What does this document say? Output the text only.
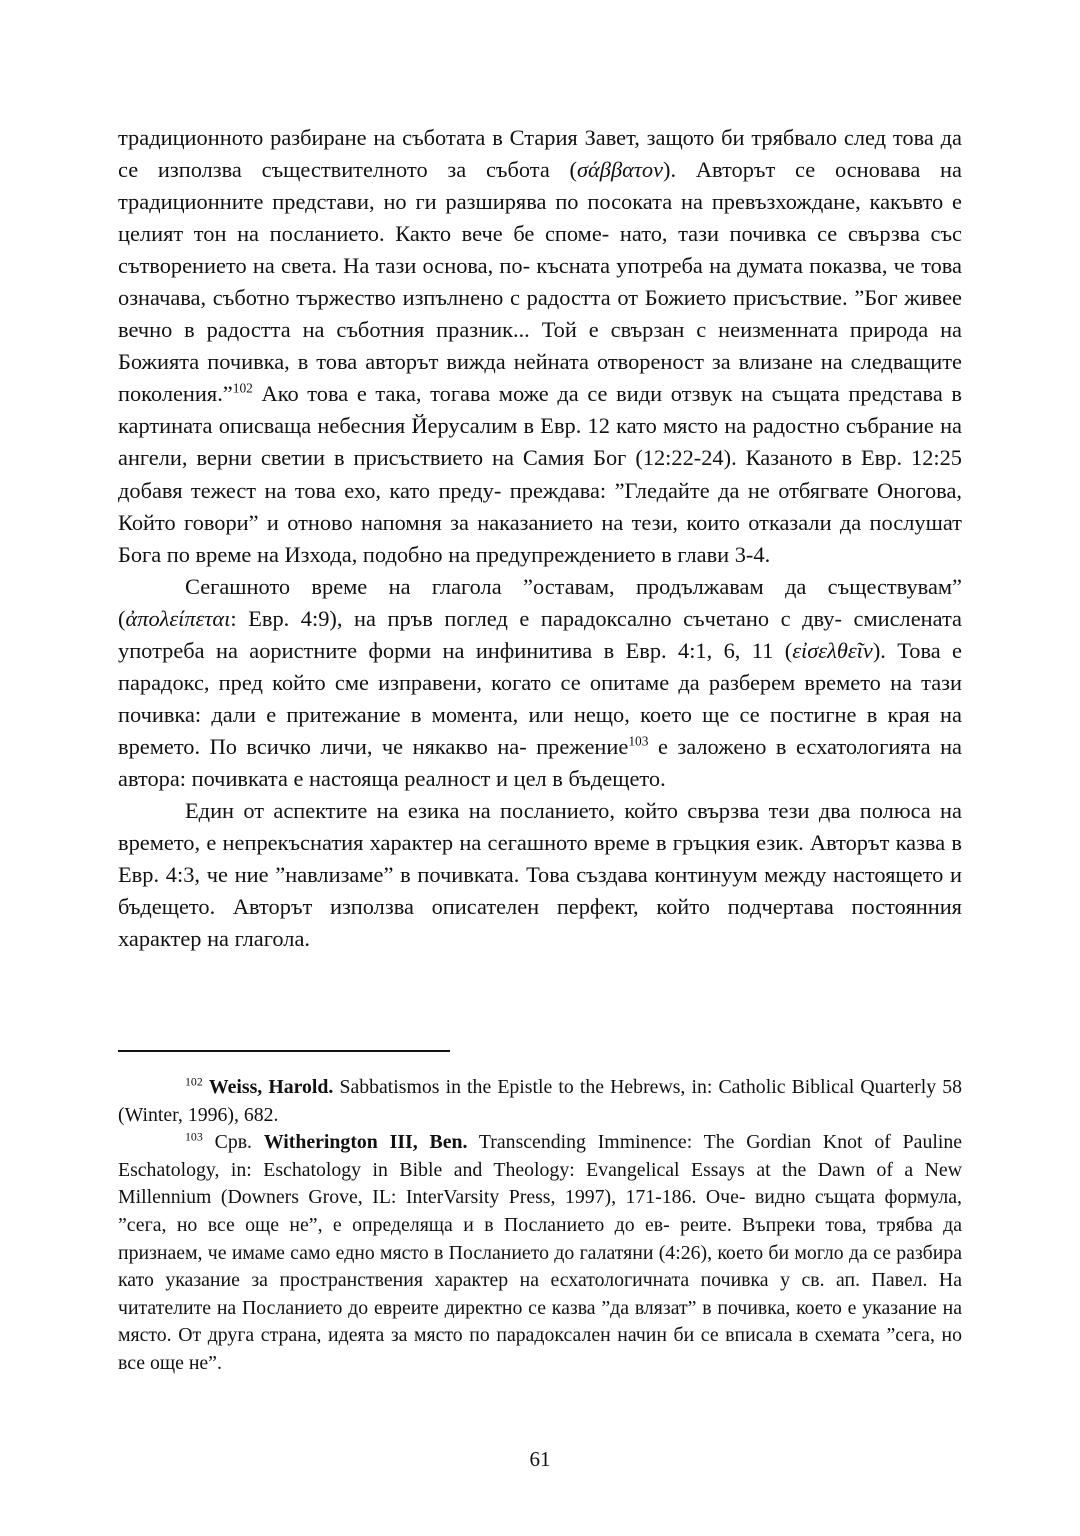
традиционното разбиране на съботата в Стария Завет, защото би трябвало след това да се използва съществителното за събота (σάββατον). Авторът се основава на традиционните представи, но ги разширява по посоката на превъзхождане, какъвто е целият тон на посланието. Както вече бе споме- нато, тази почивка се свързва със сътворението на света. На тази основа, по- късната употреба на думата показва, че това означава, съботно тържество изпълнено с радостта от Божието присъствие. ”Бог живее вечно в радостта на съботния празник... Той е свързан с неизменната природа на Божията почивка, в това авторът вижда нейната отвореност за влизане на следващите поколения.”$^{102}$ Ако това е така, тогава може да се види отзвук на същата представа в картината описваща небесния Йерусалим в Евр. 12 като място на радостно събрание на ангели, верни светии в присъствието на Самия Бог (12:22-24). Казаното в Евр. 12:25 добавя тежест на това ехо, като преду- преждава: ”Гледайте да не отбягвате Оногова, Който говори” и отново напомня за наказанието на тези, които отказали да послушат Бога по време на Изхода, подобно на предупреждението в глави 3-4.

Сегашното време на глагола ”оставам, продължавам да съществувам” (ἀπολείπεται: Евр. 4:9), на пръв поглед е парадоксално съчетано с дву- смислената употреба на аористните форми на инфинитива в Евр. 4:1, 6, 11 (εἰσελθεῖν). Това е парадокс, пред който сме изправени, когато се опитаме да разберем времето на тази почивка: дали е притежание в момента, или нещо, което ще се постигне в края на времето. По всичко личи, че някакво на- прежение$^{103}$ е заложено в есхатологията на автора: почивката е настояща реалност и цел в бъдещето.

Един от аспектите на езика на посланието, който свързва тези два полюса на времето, е непрекъснатия характер на сегашното време в гръцкия език. Авторът казва в Евр. 4:3, че ние ”навлизаме” в почивката. Това създава континуум между настоящето и бъдещето. Авторът използва описателен перфект, който подчертава постоянния характер на глагола.

$^{102}$ Weiss, Harold. Sabbatismos in the Epistle to the Hebrews, in: Catholic Biblical Quarterly 58 (Winter, 1996), 682.

$^{103}$ Срв. Witherington III, Ben. Transcending Imminence: The Gordian Knot of Pauline Eschatology, in: Eschatology in Bible and Theology: Evangelical Essays at the Dawn of a New Millennium (Downers Grove, IL: InterVarsity Press, 1997), 171-186. Оче- видно същата формула, ”сега, но все още не”, е определяща и в Посланието до ев- реите. Въпреки това, трябва да признаем, че имаме само едно място в Посланието до галатяни (4:26), което би могло да се разбира като указание за пространствения характер на есхатологичната почивка у св. ап. Павел. На читателите на Посланието до евреите директно се казва ”да влязат” в почивка, което е указание на място. От друга страна, идеята за място по парадоксален начин би се вписала в схемата ”сега, но все още не”.

61
